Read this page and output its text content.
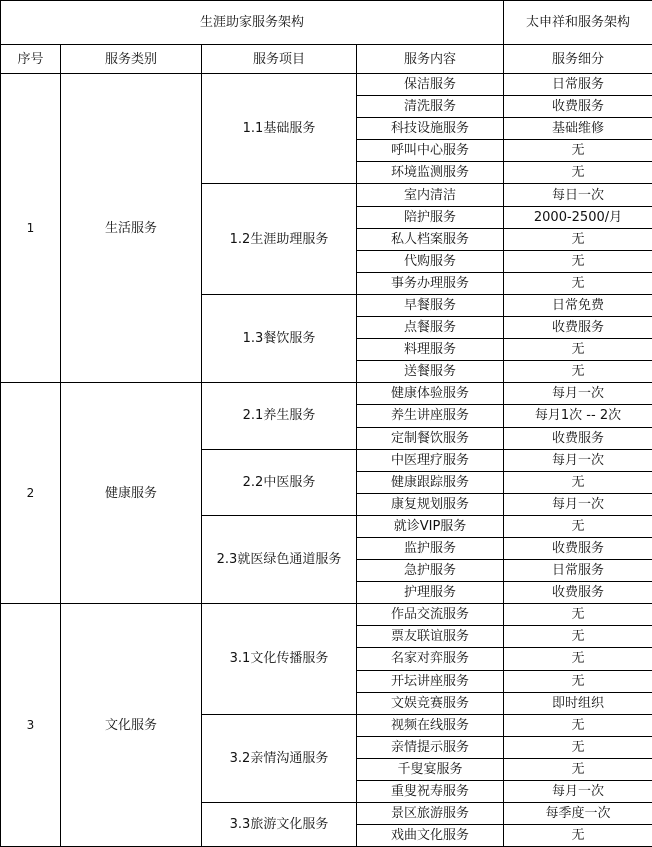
生涯助家服务架构				太申祥和服务架构
序号	服务类别	服务项目	服务内容	服务细分
1	生活服务	1.1基础服务	保洁服务	日常服务
			清洗服务	收费服务
			科技设施服务	基础维修
			呼叫中心服务	无
			环境监测服务	无
		1.2生涯助理服务	室内清洁	每日一次
			陪护服务	2000-2500/月
			私人档案服务	无
			代购服务	无
			事务办理服务	无
		1.3餐饮服务	早餐服务	日常免费
			点餐服务	收费服务
			料理服务	无
			送餐服务	无
2	健康服务	2.1养生服务	健康体验服务	每月一次
			养生讲座服务	每月1次 -- 2次
			定制餐饮服务	收费服务
		2.2中医服务	中医理疗服务	每月一次
			健康跟踪服务	无
			康复规划服务	每月一次
		2.3就医绿色通道服务	就诊VIP服务	无
			监护服务	收费服务
			急护服务	日常服务
			护理服务	收费服务
3	文化服务	3.1文化传播服务	作品交流服务	无
			票友联谊服务	无
			名家对弈服务	无
			开坛讲座服务	无
			文娱竞赛服务	即时组织
		3.2亲情沟通服务	视频在线服务	无
			亲情提示服务	无
			千叟宴服务	无
			重叟祝寿服务	每月一次
		3.3旅游文化服务	景区旅游服务	每季度一次
			戏曲文化服务	无
